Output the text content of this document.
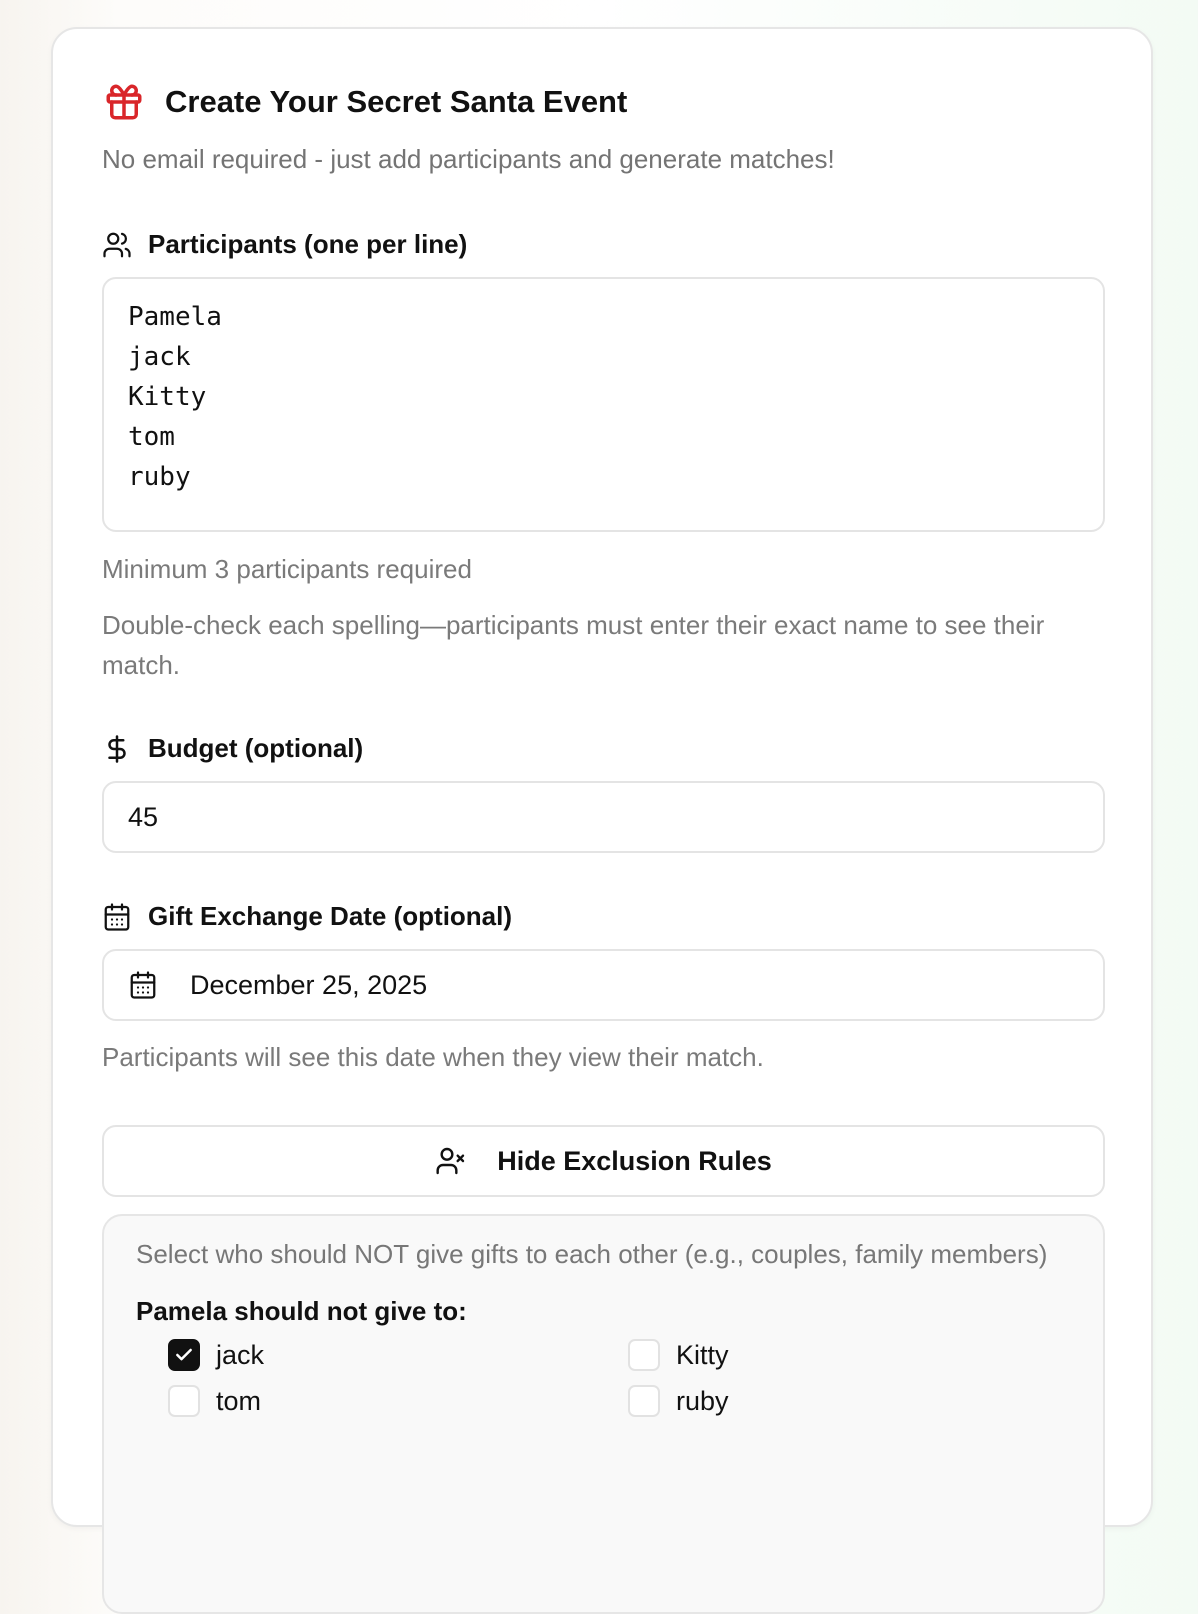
Create Your Secret Santa Event
No email required - just add participants and generate matches!
Participants (one per line)
Pamela
jack
Kitty
tom
ruby
Minimum 3 participants required
Double-check each spelling—participants must enter their exact name to see their match.
Budget (optional)
45
Gift Exchange Date (optional)
December 25, 2025
Participants will see this date when they view their match.
Hide Exclusion Rules
Select who should NOT give gifts to each other (e.g., couples, family members)
Pamela should not give to:
jack	Kitty
tom	ruby
